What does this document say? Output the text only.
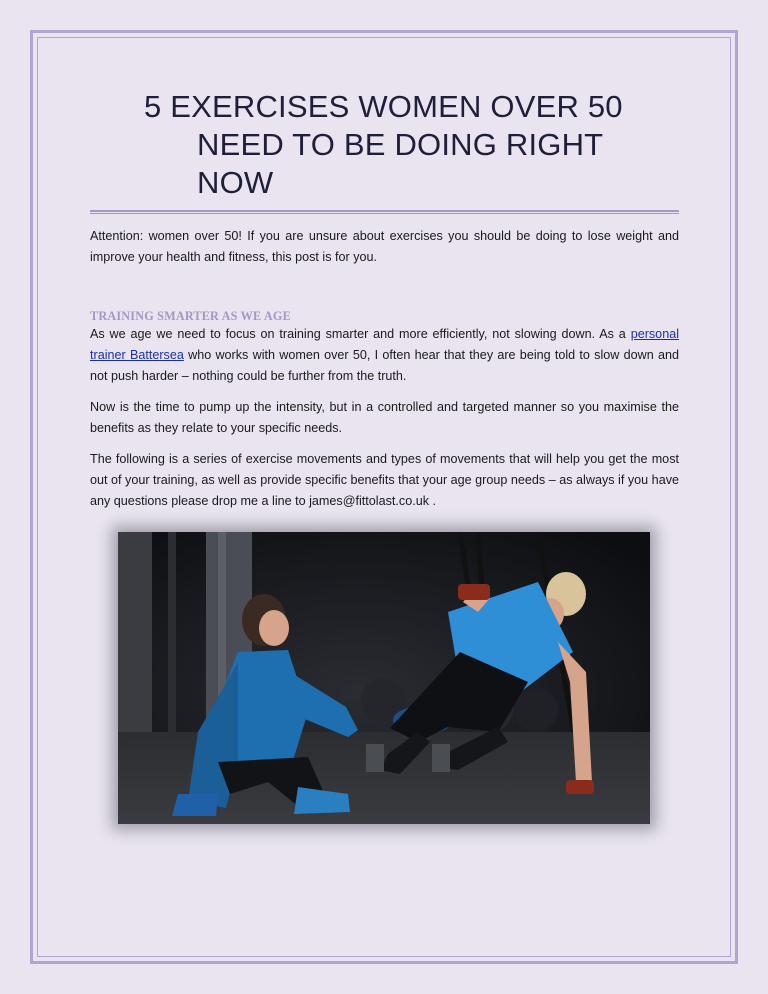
5 EXERCISES WOMEN OVER 50
NEED TO BE DOING RIGHT NOW

Attention: women over 50! If you are unsure about exercises you should be doing to lose weight and improve your health and fitness, this post is for you.

TRAINING SMARTER AS WE AGE

As we age we need to focus on training smarter and more efficiently, not slowing down. As a personal trainer Battersea who works with women over 50, I often hear that they are being told to slow down and not push harder – nothing could be further from the truth.

Now is the time to pump up the intensity, but in a controlled and targeted manner so you maximise the benefits as they relate to your specific needs.

The following is a series of exercise movements and types of movements that will help you get the most out of your training, as well as provide specific benefits that your age group needs – as always if you have any questions please drop me a line to james@fittolast.co.uk .
